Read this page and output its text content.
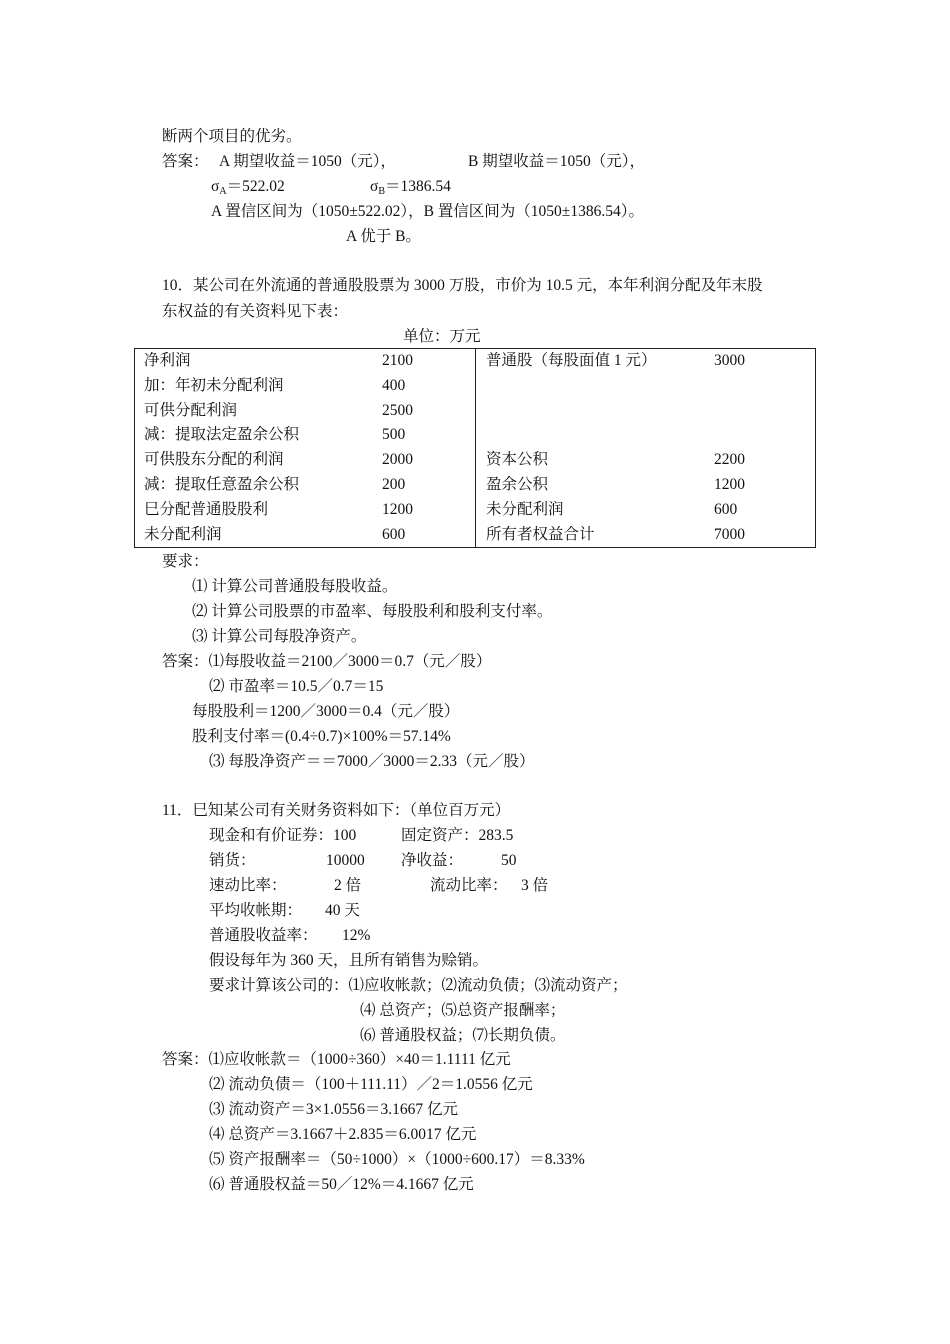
断两个项目的优劣。
答案： A 期望收益＝1050（元），	B 期望收益＝1050（元），
$\sigma_A=522.02$	$\sigma_B=1386.54$
A 置信区间为（1050±522.02），B 置信区间为（1050±1386.54）。
A 优于 B。
10．某公司在外流通的普通股股票为 3000 万股，市价为 10.5 元，本年利润分配及年末股
东权益的有关资料见下表：
单位：万元
净利润	2100	普通股（每股面值 1 元）	3000
加：年初未分配利润	400		
可供分配利润	2500		
减：提取法定盈余公积	500		
可供股东分配的利润	2000	资本公积	2200
减：提取任意盈余公积	200	盈余公积	1200
巳分配普通股股利	1200	未分配利润	600
未分配利润	600	所有者权益合计	7000
要求：
⑴ 计算公司普通股每股收益。
⑵ 计算公司股票的市盈率、每股股利和股利支付率。
⑶ 计算公司每股净资产。
答案：⑴每股收益＝2100／3000＝0.7（元／股）
⑵ 市盈率＝10.5／0.7＝15
每股股利＝1200／3000＝0.4（元／股）
股利支付率＝(0.4÷0.7)×100%＝57.14%
⑶ 每股净资产＝＝7000／3000＝2.33（元／股）
11．巳知某公司有关财务资料如下：（单位百万元）
现金和有价证券：100	固定资产：283.5
销货：	10000 净收益： 50
速动比率：	2 倍	流动比率： 3 倍
平均收帐期： 40 天
普通股收益率： 12%
假设每年为 360 天，且所有销售为赊销。
要求计算该公司的：⑴应收帐款；⑵流动负债；⑶流动资产；
⑷ 总资产；⑸总资产报酬率；
⑹ 普通股权益；⑺长期负债。
答案：⑴应收帐款＝（1000÷360）×40＝1.1111 亿元
⑵ 流动负债＝（100＋111.11）／2＝1.0556 亿元
⑶ 流动资产＝3×1.0556＝3.1667 亿元
⑷ 总资产＝3.1667＋2.835＝6.0017 亿元
⑸ 资产报酬率＝（50÷1000）×（1000÷600.17）＝8.33%
⑹ 普通股权益＝50／12%＝4.1667 亿元
